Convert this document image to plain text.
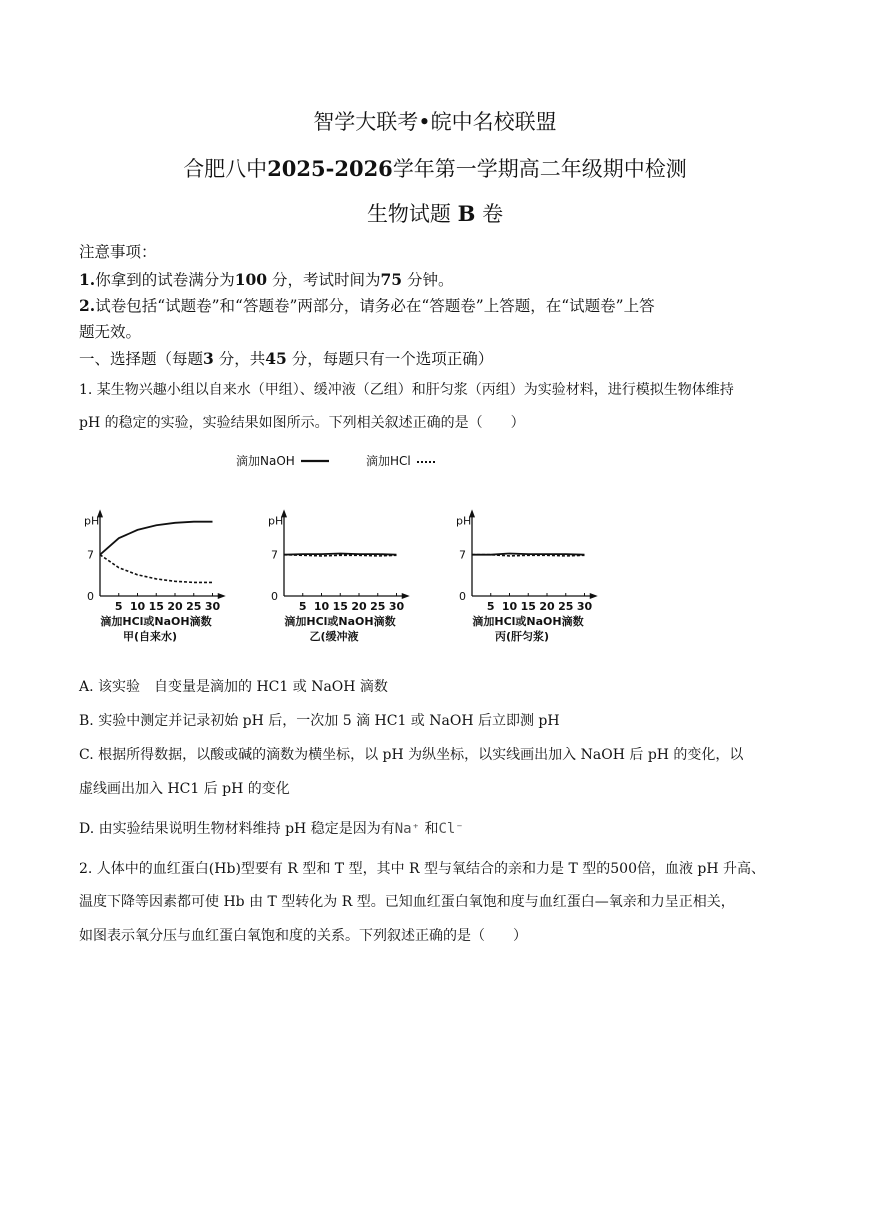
智学大联考•皖中名校联盟
合肥八中2025-2026学年第一学期高二年级期中检测
生物试题 B 卷
注意事项：
1.你拿到的试卷满分为100 分，考试时间为75 分钟。
2.试卷包括“试题卷”和“答题卷”两部分，请务必在“答题卷”上答题，在“试题卷”上答
题无效。
一、选择题（每题3 分，共45 分，每题只有一个选项正确）
1. 某生物兴趣小组以自来水（甲组）、缓冲液（乙组）和肝匀浆（丙组）为实验材料，进行模拟生物体维持
pH 的稳定的实验，实验结果如图所示。下列相关叙述正确的是（　　）
滴加NaOH	滴加HCl
pH
7
0
5 10 15 20 25 30
滴加HCl或NaOH滴数
甲(自来水)
pH
7
0
5 10 15 20 25 30
滴加HCl或NaOH滴数
乙(缓冲液
pH
7
0
5 10 15 20 25 30
滴加HCl或NaOH滴数
丙(肝匀浆)
A. 该实验　自变量是滴加的 HC1 或 NaOH 滴数
B. 实验中测定并记录初始 pH 后，一次加 5 滴 HC1 或 NaOH 后立即测 pH
C. 根据所得数据，以酸或碱的滴数为横坐标，以 pH 为纵坐标，以实线画出加入 NaOH 后 pH 的变化，以
虚线画出加入 HC1 后 pH 的变化
D. 由实验结果说明生物材料维持 pH 稳定是因为有Na⁺ 和Cl⁻
2. 人体中的血红蛋白(Hb)型要有 R 型和 T 型，其中 R 型与氧结合的亲和力是 T 型的500倍，血液 pH 升高、
温度下降等因素都可使 Hb 由 T 型转化为 R 型。已知血红蛋白氧饱和度与血红蛋白—氧亲和力呈正相关，
如图表示氧分压与血红蛋白氧饱和度的关系。下列叙述正确的是（　　）
